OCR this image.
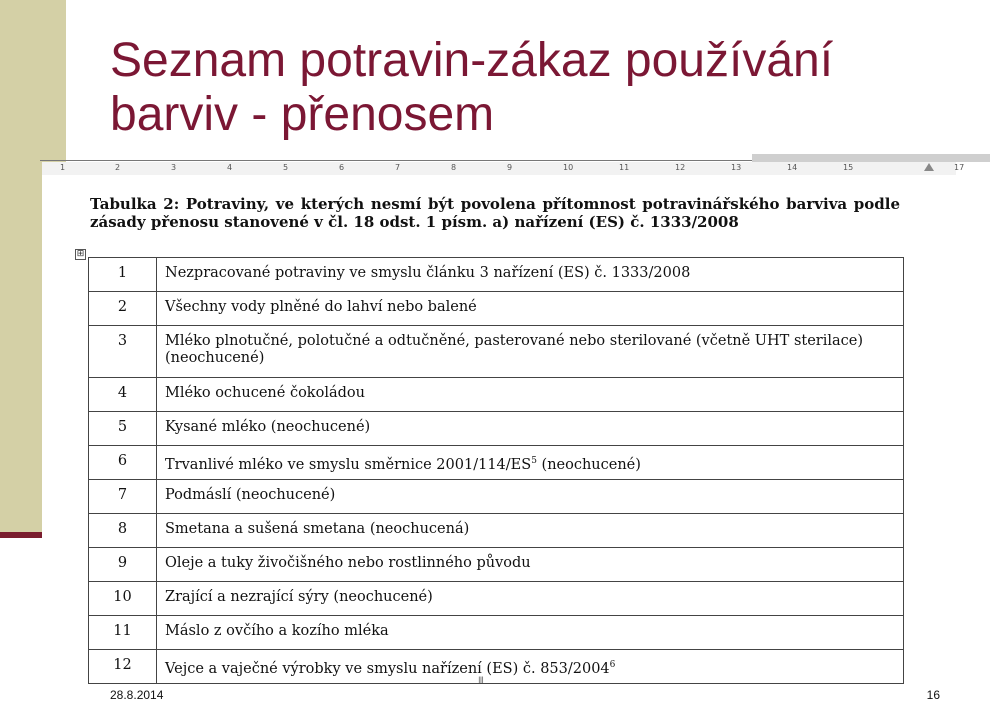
Seznam potravin-zákaz používání
barviv - přenosem
1	2	3	4	5	6	7	8	9	10	11	12	13	14	15	17

Tabulka 2: Potraviny, ve kterých nesmí být povolena přítomnost potravinářského barviva podle zásady přenosu stanovené v čl. 18 odst. 1 písm. a) nařízení (ES) č. 1333/2008

⊞
1	Nezpracované potraviny ve smyslu článku 3 nařízení (ES) č. 1333/2008
2	Všechny vody plněné do lahví nebo balené
3	Mléko plnotučné, polotučné a odtučněné, pasterované nebo sterilované (včetně UHT sterilace) (neochucené)
4	Mléko ochucené čokoládou
5	Kysané mléko (neochucené)
6	Trvanlivé mléko ve smyslu směrnice $2001/114/ES^5$ (neochucené)
7	Podmáslí (neochucené)
8	Smetana a sušená smetana (neochucená)
9	Oleje a tuky živočišného nebo rostlinného původu
10	Zrající a nezrající sýry (neochucené)
11	Máslo z ovčího a kozího mléka
12	Vejce a vaječné výrobky ve smyslu nařízení (ES) č. 853/2004$^6$
III
28.8.2014	16
